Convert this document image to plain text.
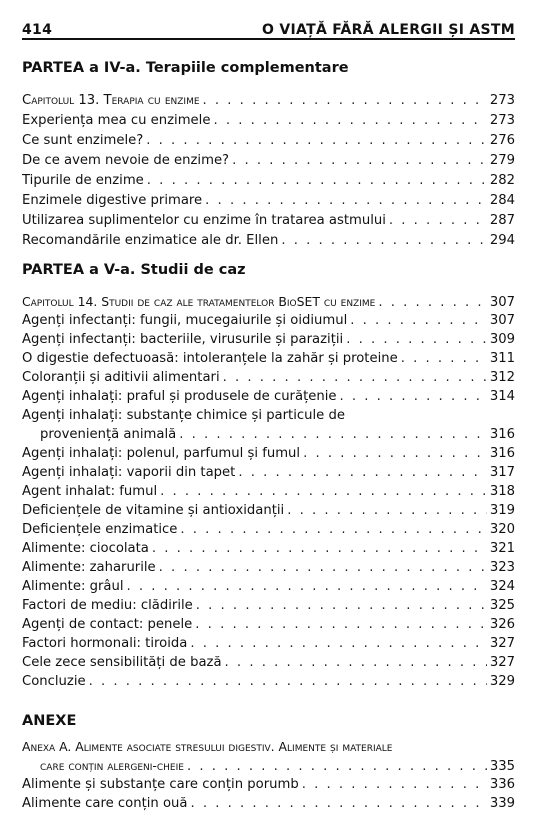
414	O VIAȚĂ FĂRĂ ALERGII ȘI ASTM
PARTEA a IV-a. Terapiile complementare
Capitolul 13. Terapia cu enzime . . .	273
Experiența mea cu enzimele . . .	273
Ce sunt enzimele? . . .	276
De ce avem nevoie de enzime? . . .	279
Tipurile de enzime . . .	282
Enzimele digestive primare . . .	284
Utilizarea suplimentelor cu enzime în tratarea astmului . . .	287
Recomandările enzimatice ale dr. Ellen . . .	294
PARTEA a V-a. Studii de caz
Capitolul 14. Studii de caz ale tratamentelor BioSET cu enzime . . .	307
Agenți infectanți: fungii, mucegaiurile și oidiumul . . .	307
Agenți infectanți: bacteriile, virusurile și paraziții . . .	309
O digestie defectuoasă: intoleranțele la zahăr și proteine . . .	311
Coloranții și aditivii alimentari . . .	312
Agenți inhalați: praful și produsele de curățenie . . .	314
Agenți inhalați: substanțe chimice și particule de
proveniență animală . . .	316
Agenți inhalați: polenul, parfumul și fumul . . .	316
Agenți inhalați: vaporii din tapet . . .	317
Agent inhalat: fumul . . .	318
Deficiențele de vitamine și antioxidanții . . .	319
Deficiențele enzimatice . . .	320
Alimente: ciocolata . . .	321
Alimente: zaharurile . . .	323
Alimente: grâul . . .	324
Factori de mediu: clădirile . . .	325
Agenți de contact: penele . . .	326
Factori hormonali: tiroida . . .	327
Cele zece sensibilități de bază . . .	327
Concluzie . . .	329
ANEXE
Anexa A. Alimente asociate stresului digestiv. Alimente și materiale
care conțin alergeni-cheie . . .	335
Alimente și substanțe care conțin porumb . . .	336
Alimente care conțin ouă . . .	339
